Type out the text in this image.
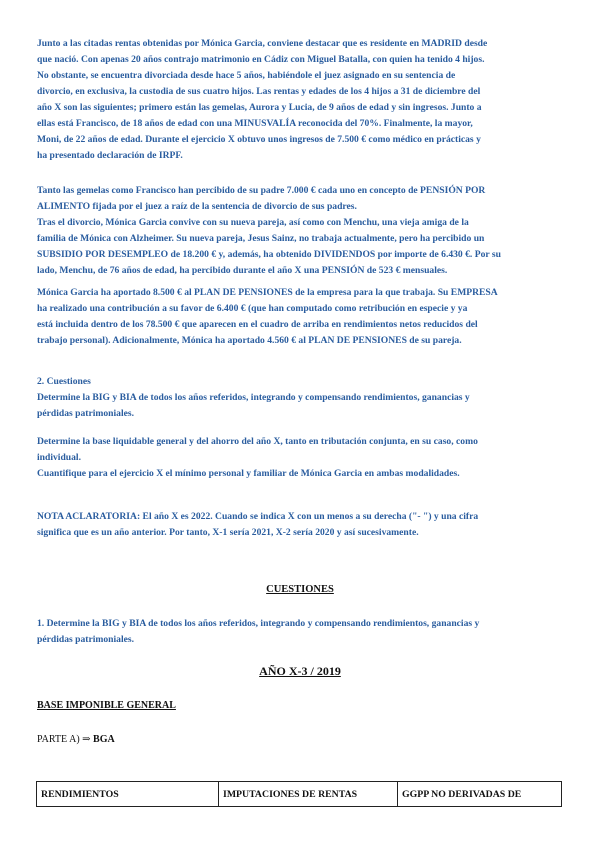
Junto a las citadas rentas obtenidas por Mónica Garcia, conviene destacar que es residente en MADRID desde
que nació. Con apenas 20 años contrajo matrimonio en Cádiz con Miguel Batalla, con quien ha tenido 4 hijos.
No obstante, se encuentra divorciada desde hace 5 años, habiéndole el juez asignado en su sentencia de
divorcio, en exclusiva, la custodia de sus cuatro hijos. Las rentas y edades de los 4 hijos a 31 de diciembre del
año X son las siguientes; primero están las gemelas, Aurora y Lucia, de 9 años de edad y sin ingresos. Junto a
ellas está Francisco, de 18 años de edad con una MINUSVALÍA reconocida del 70%. Finalmente, la mayor,
Moni, de 22 años de edad. Durante el ejercicio X obtuvo unos ingresos de 7.500 € como médico en prácticas y
ha presentado declaración de IRPF.

Tanto las gemelas como Francisco han percibido de su padre 7.000 € cada uno en concepto de PENSIÓN POR
ALIMENTO fijada por el juez a raíz de la sentencia de divorcio de sus padres.
Tras el divorcio, Mónica Garcia convive con su nueva pareja, así como con Menchu, una vieja amiga de la
familia de Mónica con Alzheimer. Su nueva pareja, Jesus Sainz, no trabaja actualmente, pero ha percibido un
SUBSIDIO POR DESEMPLEO de 18.200 € y, además, ha obtenido DIVIDENDOS por importe de 6.430 €. Por su
lado, Menchu, de 76 años de edad, ha percibido durante el año X una PENSIÓN de 523 € mensuales.

Mónica Garcia ha aportado 8.500 € al PLAN DE PENSIONES de la empresa para la que trabaja. Su EMPRESA
ha realizado una contribución a su favor de 6.400 € (que han computado como retribución en especie y ya
está incluida dentro de los 78.500 € que aparecen en el cuadro de arriba en rendimientos netos reducidos del
trabajo personal). Adicionalmente, Mónica ha aportado 4.560 € al PLAN DE PENSIONES de su pareja.

2. Cuestiones
Determine la BIG y BIA de todos los años referidos, integrando y compensando rendimientos, ganancias y
pérdidas patrimoniales.

Determine la base liquidable general y del ahorro del año X, tanto en tributación conjunta, en su caso, como
individual.
Cuantifique para el ejercicio X el mínimo personal y familiar de Mónica Garcia en ambas modalidades.

NOTA ACLARATORIA: El año X es 2022. Cuando se indica X con un menos a su derecha ("- ") y una cifra
significa que es un año anterior. Por tanto, X-1 sería 2021, X-2 sería 2020 y así sucesivamente.

CUESTIONES

1. Determine la BIG y BIA de todos los años referidos, integrando y compensando rendimientos, ganancias y
pérdidas patrimoniales.

AÑO X-3 / 2019
BASE IMPONIBLE GENERAL
PARTE A) ⇒ BGA
RENDIMIENTOS	IMPUTACIONES DE RENTAS	GGPP NO DERIVADAS DE
